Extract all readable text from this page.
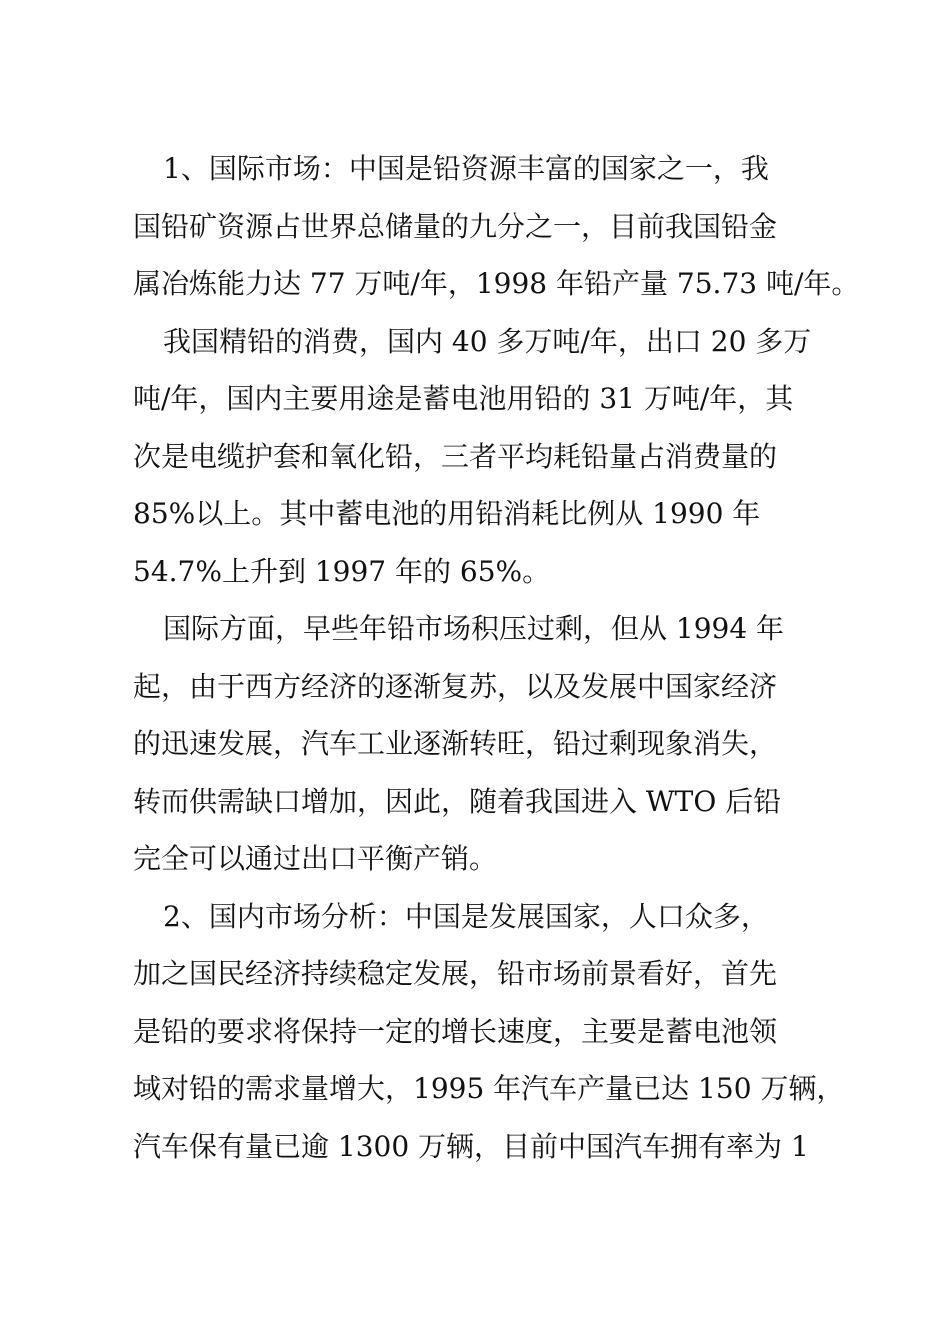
1、国际市场：中国是铅资源丰富的国家之一，我
国铅矿资源占世界总储量的九分之一，目前我国铅金
属冶炼能力达 77 万吨/年，1998 年铅产量 75.73 吨/年。
我国精铅的消费，国内 40 多万吨/年，出口 20 多万
吨/年，国内主要用途是蓄电池用铅的 31 万吨/年，其
次是电缆护套和氧化铅，三者平均耗铅量占消费量的
85%以上。其中蓄电池的用铅消耗比例从 1990 年
54.7%上升到 1997 年的 65%。
国际方面，早些年铅市场积压过剩，但从 1994 年
起，由于西方经济的逐渐复苏，以及发展中国家经济
的迅速发展，汽车工业逐渐转旺，铅过剩现象消失，
转而供需缺口增加，因此，随着我国进入 WTO 后铅
完全可以通过出口平衡产销。
2、国内市场分析：中国是发展国家，人口众多，
加之国民经济持续稳定发展，铅市场前景看好，首先
是铅的要求将保持一定的增长速度，主要是蓄电池领
域对铅的需求量增大，1995 年汽车产量已达 150 万辆，
汽车保有量已逾 1300 万辆，目前中国汽车拥有率为 1
